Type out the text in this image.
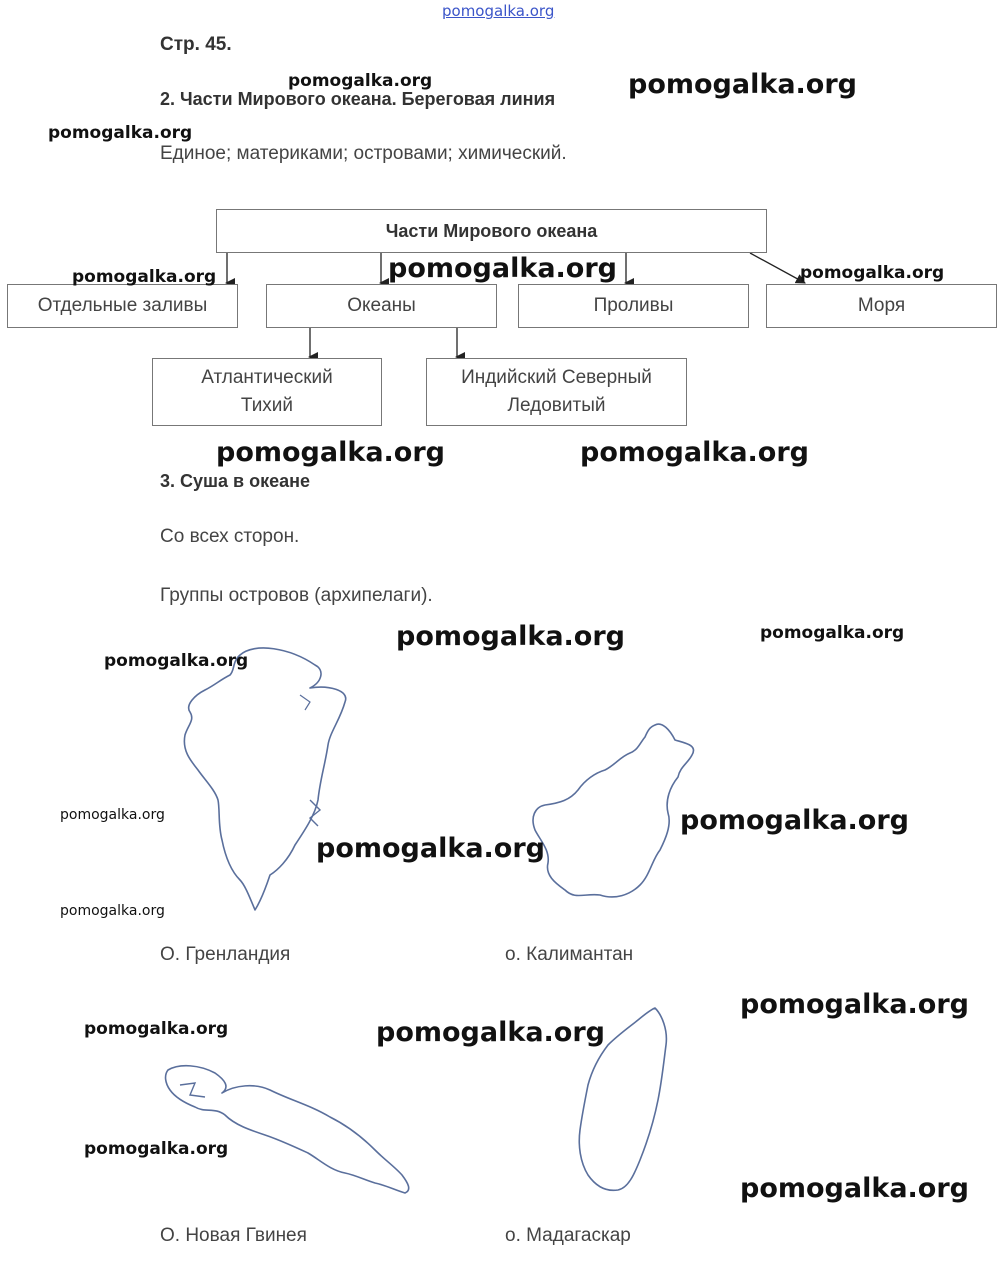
pomogalka.org
Стр. 45.
2. Части Мирового океана. Береговая линия
Единое; материками; островами; химический.
Части Мирового океана
Отдельные заливы	Океаны	Проливы	Моря
Атлантический
Тихий
Индийский Северный
Ледовитый
3. Суша в океане
Со всех сторон.
Группы островов (архипелаги).
О. Гренландия	о. Калимантан
О. Новая Гвинея	о. Мадагаскар
pomogalka.org	pomogalka.org
pomogalka.org
pomogalka.org	pomogalka.org	pomogalka.org
pomogalka.org	pomogalka.org
pomogalka.org	pomogalka.org
pomogalka.org
pomogalka.org	pomogalka.org
pomogalka.org
pomogalka.org
pomogalka.org
pomogalka.org	pomogalka.org
pomogalka.org
pomogalka.org
